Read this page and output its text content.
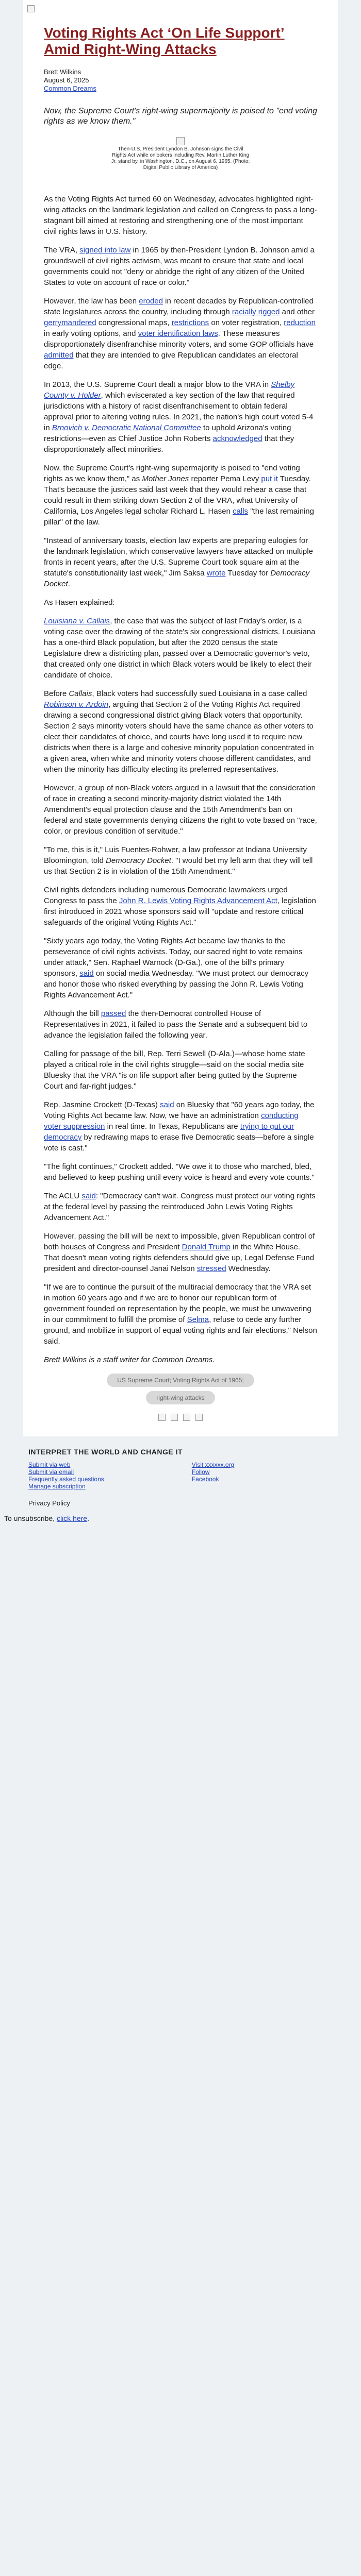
Voting Rights Act ‘On Life Support’ Amid Right-Wing Attacks
Brett Wilkins
August 6, 2025
Common Dreams

Now, the Supreme Court's right-wing supermajority is poised to "end voting rights as we know them."

Then-U.S. President Lyndon B. Johnson signs the Civil Rights Act while onlookers including Rev. Martin Luther King Jr. stand by, in Washington, D.C., on August 6, 1965. (Photo: Digital Public Library of America)

As the Voting Rights Act turned 60 on Wednesday, advocates highlighted right-wing attacks on the landmark legislation and called on Congress to pass a long-stagnant bill aimed at restoring and strengthening one of the most important civil rights laws in U.S. history.

The VRA, signed into law in 1965 by then-President Lyndon B. Johnson amid a groundswell of civil rights activism, was meant to ensure that state and local governments could not "deny or abridge the right of any citizen of the United States to vote on account of race or color."

However, the law has been eroded in recent decades by Republican-controlled state legislatures across the country, including through racially rigged and other gerrymandered congressional maps, restrictions on voter registration, reduction in early voting options, and voter identification laws. These measures disproportionately disenfranchise minority voters, and some GOP officials have admitted that they are intended to give Republican candidates an electoral edge.

In 2013, the U.S. Supreme Court dealt a major blow to the VRA in Shelby County v. Holder, which eviscerated a key section of the law that required jurisdictions with a history of racist disenfranchisement to obtain federal approval prior to altering voting rules. In 2021, the nation's high court voted 5-4 in Brnovich v. Democratic National Committee to uphold Arizona's voting restrictions—even as Chief Justice John Roberts acknowledged that they disproportionately affect minorities.

Now, the Supreme Court's right-wing supermajority is poised to "end voting rights as we know them," as Mother Jones reporter Pema Levy put it Tuesday. That's because the justices said last week that they would rehear a case that could result in them striking down Section 2 of the VRA, what University of California, Los Angeles legal scholar Richard L. Hasen calls "the last remaining pillar" of the law.

"Instead of anniversary toasts, election law experts are preparing eulogies for the landmark legislation, which conservative lawyers have attacked on multiple fronts in recent years, after the U.S. Supreme Court took square aim at the statute's constitutionality last week," Jim Saksa wrote Tuesday for Democracy Docket.

As Hasen explained:

Louisiana v. Callais, the case that was the subject of last Friday's order, is a voting case over the drawing of the state's six congressional districts. Louisiana has a one-third Black population, but after the 2020 census the state Legislature drew a districting plan, passed over a Democratic governor's veto, that created only one district in which Black voters would be likely to elect their candidate of choice.

Before Callais, Black voters had successfully sued Louisiana in a case called Robinson v. Ardoin, arguing that Section 2 of the Voting Rights Act required drawing a second congressional district giving Black voters that opportunity. Section 2 says minority voters should have the same chance as other voters to elect their candidates of choice, and courts have long used it to require new districts when there is a large and cohesive minority population concentrated in a given area, when white and minority voters choose different candidates, and when the minority has difficulty electing its preferred representatives.

However, a group of non-Black voters argued in a lawsuit that the consideration of race in creating a second minority-majority district violated the 14th Amendment's equal protection clause and the 15th Amendment's ban on federal and state governments denying citizens the right to vote based on "race, color, or previous condition of servitude."

"To me, this is it," Luis Fuentes-Rohwer, a law professor at Indiana University Bloomington, told Democracy Docket. "I would bet my left arm that they will tell us that Section 2 is in violation of the 15th Amendment."

Civil rights defenders including numerous Democratic lawmakers urged Congress to pass the John R. Lewis Voting Rights Advancement Act, legislation first introduced in 2021 whose sponsors said will "update and restore critical safeguards of the original Voting Rights Act."

"Sixty years ago today, the Voting Rights Act became law thanks to the perseverance of civil rights activists. Today, our sacred right to vote remains under attack," Sen. Raphael Warnock (D-Ga.), one of the bill's primary sponsors, said on social media Wednesday. "We must protect our democracy and honor those who risked everything by passing the John R. Lewis Voting Rights Advancement Act."

Although the bill passed the then-Democrat controlled House of Representatives in 2021, it failed to pass the Senate and a subsequent bid to advance the legislation failed the following year.

Calling for passage of the bill, Rep. Terri Sewell (D-Ala.)—whose home state played a critical role in the civil rights struggle—said on the social media site Bluesky that the VRA "is on life support after being gutted by the Supreme Court and far-right judges."

Rep. Jasmine Crockett (D-Texas) said on Bluesky that "60 years ago today, the Voting Rights Act became law. Now, we have an administration conducting voter suppression in real time. In Texas, Republicans are trying to gut our democracy by redrawing maps to erase five Democratic seats—before a single vote is cast."

"The fight continues," Crockett added. "We owe it to those who marched, bled, and believed to keep pushing until every voice is heard and every vote counts."

The ACLU said: "Democracy can't wait. Congress must protect our voting rights at the federal level by passing the reintroduced John Lewis Voting Rights Advancement Act."

However, passing the bill will be next to impossible, given Republican control of both houses of Congress and President Donald Trump in the White House. That doesn't mean voting rights defenders should give up, Legal Defense Fund president and director-counsel Janai Nelson stressed Wednesday.

"If we are to continue the pursuit of the multiracial democracy that the VRA set in motion 60 years ago and if we are to honor our republican form of government founded on representation by the people, we must be unwavering in our commitment to fulfill the promise of Selma, refuse to cede any further ground, and mobilize in support of equal voting rights and fair elections," Nelson said.

Brett Wilkins is a staff writer for Common Dreams.

US Supreme Court; Voting Rights Act of 1965;
right-wing attacks
INTERPRET THE WORLD AND CHANGE IT
Submit via web
Submit via email
Frequently asked questions
Manage subscription
Visit xxxxxx.org
Follow
Facebook
Privacy Policy
To unsubscribe, click here.
